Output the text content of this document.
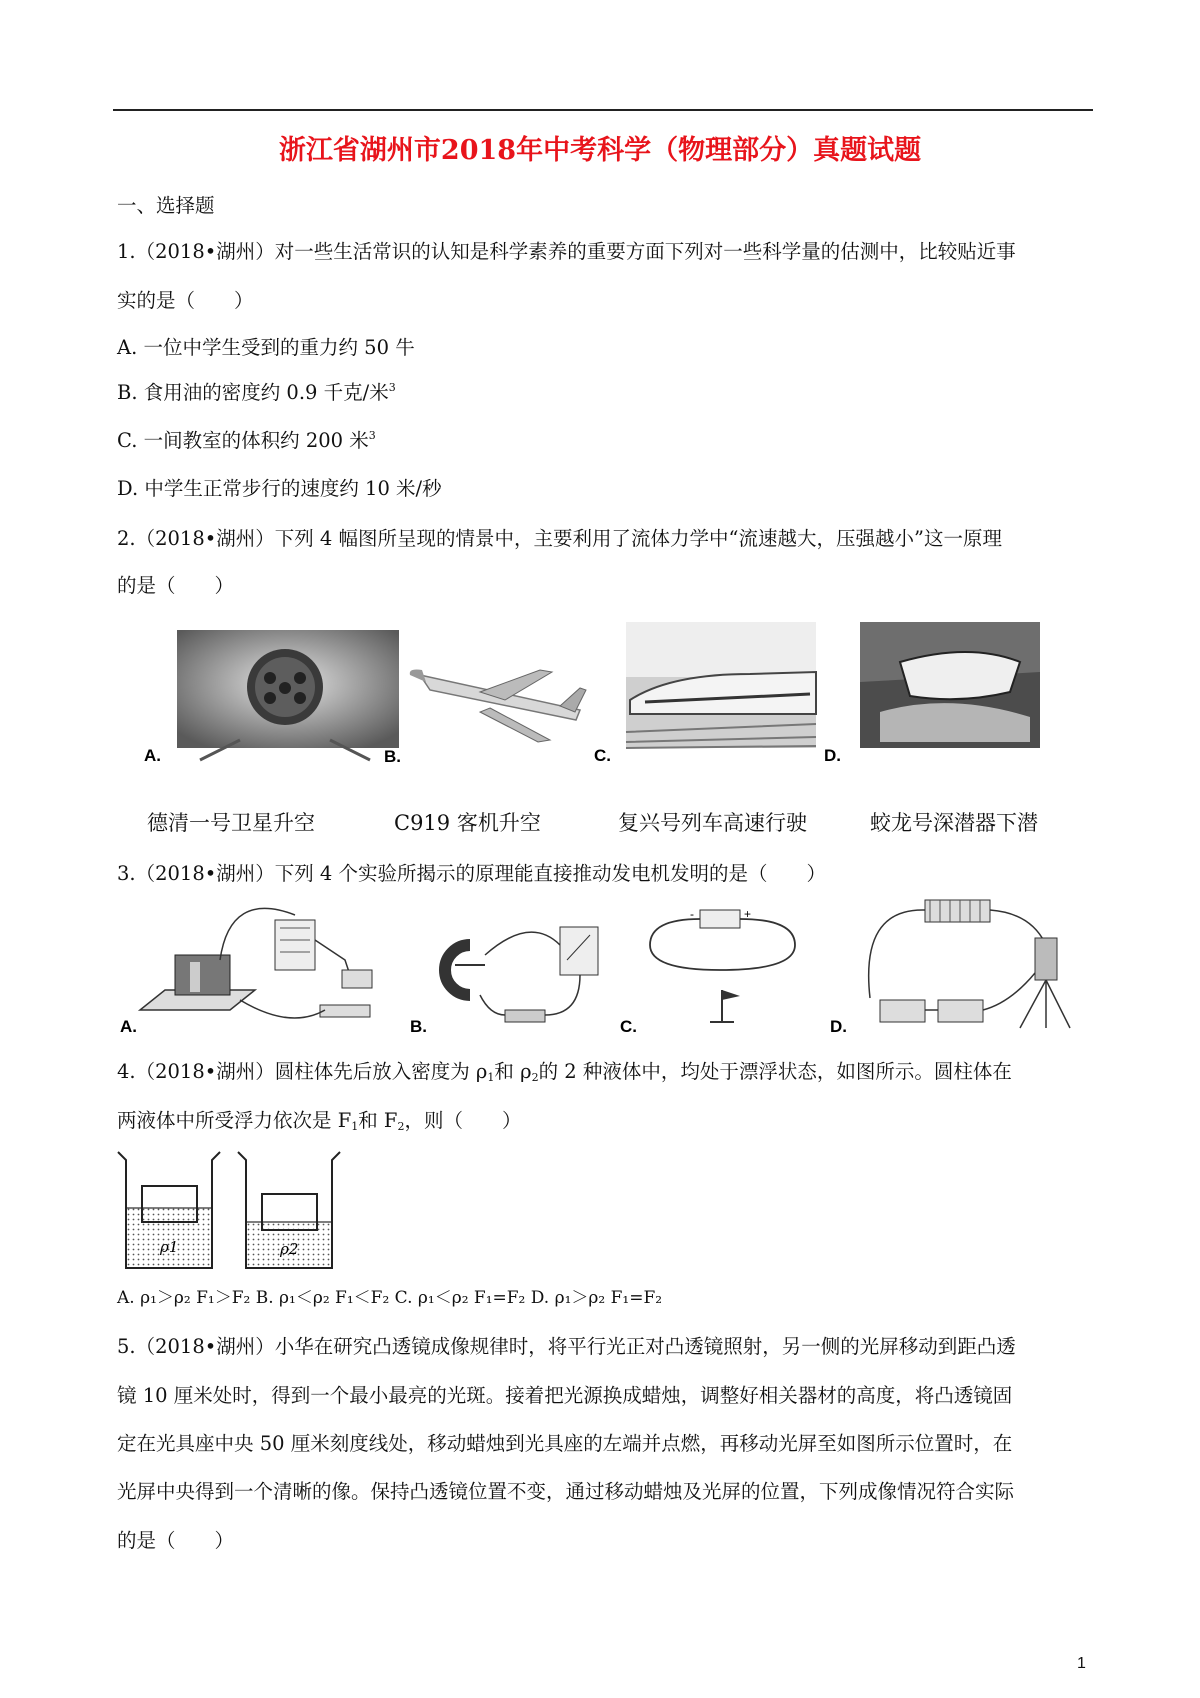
浙江省湖州市2018年中考科学（物理部分）真题试题
一、选择题
1.（2018•湖州）对一些生活常识的认知是科学素养的重要方面下列对一些科学量的估测中，比较贴近事
实的是（　　）
A. 一位中学生受到的重力约 50 牛
B. 食用油的密度约 0.9 千克/米$^3$
C. 一间教室的体积约 200 米$^3$
D. 中学生正常步行的速度约 10 米/秒
2.（2018•湖州）下列 4 幅图所呈现的情景中，主要利用了流体力学中“流速越大，压强越小”这一原理
的是（　　）
A.	B.	C.	D.
德清一号卫星升空	C919 客机升空	复兴号列车高速行驶	蛟龙号深潜器下潜
3.（2018•湖州）下列 4 个实验所揭示的原理能直接推动发电机发明的是（　　）
A.	B.
-	+
C.	D.
4.（2018•湖州）圆柱体先后放入密度为 $\rho_1$和 $\rho_2$的 2 种液体中，均处于漂浮状态，如图所示。圆柱体在
两液体中所受浮力依次是 $F_1$和 $F_2$，则（　　）
ρ1	ρ2
A. ρ₁＞ρ₂ F₁＞F₂ B. ρ₁＜ρ₂ F₁＜F₂ C. ρ₁＜ρ₂ F₁=F₂ D. ρ₁＞ρ₂ F₁=F₂
5.（2018•湖州）小华在研究凸透镜成像规律时，将平行光正对凸透镜照射，另一侧的光屏移动到距凸透
镜 10 厘米处时，得到一个最小最亮的光斑。接着把光源换成蜡烛，调整好相关器材的高度，将凸透镜固
定在光具座中央 50 厘米刻度线处，移动蜡烛到光具座的左端并点燃，再移动光屏至如图所示位置时，在
光屏中央得到一个清晰的像。保持凸透镜位置不变，通过移动蜡烛及光屏的位置，下列成像情况符合实际
的是（　　）
1
